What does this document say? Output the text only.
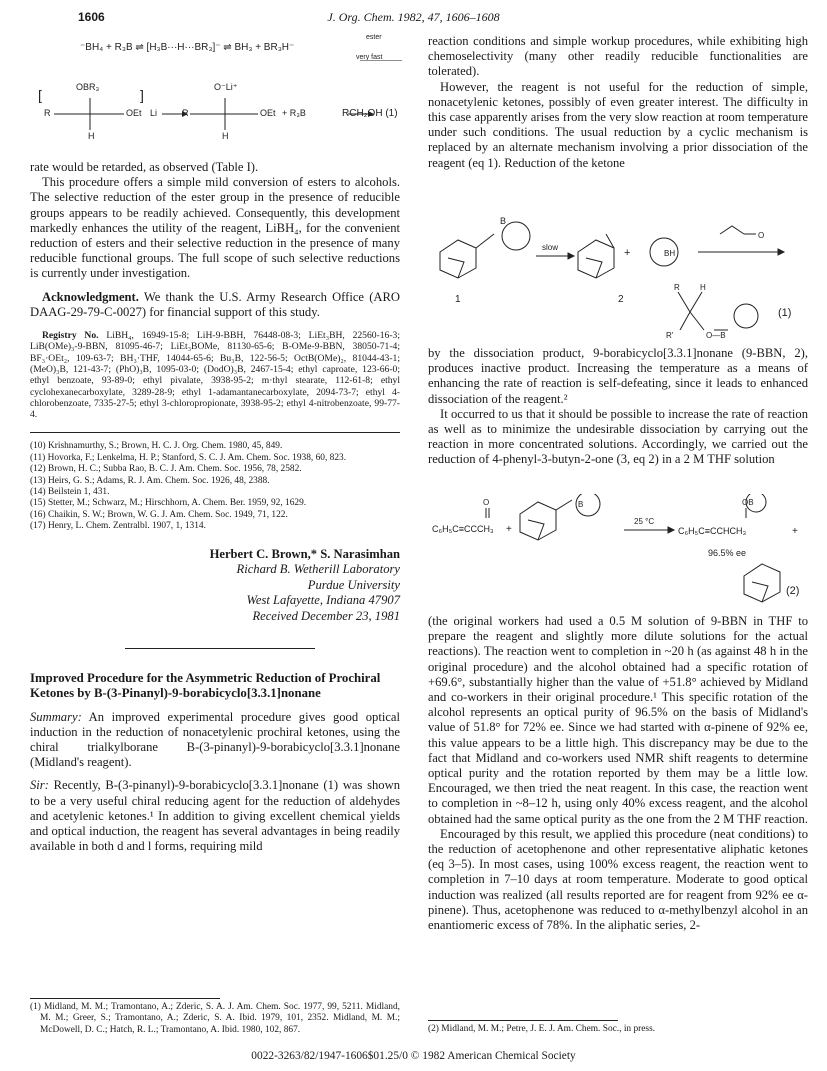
1606	J. Org. Chem. 1982, 47, 1606–1608
⁻BH₄ + R₃B ⇌ [H₃B···H···BR₃]⁻ ⇌ BH₃ + BR₃H⁻
ester
very fast
]
[	OBR₃
R	OEt Li
H
O⁻Li⁺
R	OEt
H
+ R₃B	RCH₂OH (1)

rate would be retarded, as observed (Table I).

This procedure offers a simple mild conversion of esters to alcohols. The selective reduction of the ester group in the presence of reducible groups appears to be readily achieved. Consequently, this development markedly enhances the utility of the reagent, LiBH₄, for the convenient reduction of esters and their selective reduction in the presence of many reducible functional groups. The full scope of such selective reductions is currently under investigation.

Acknowledgment. We thank the U.S. Army Research Office (ARO DAAG-29-79-C-0027) for financial support of this study.

Registry No. LiBH₄, 16949-15-8; LiH-9-BBH, 76448-08-3; LiEt₃BH, 22560-16-3; LiB(OMe)₃-9-BBN, 81095-46-7; LiEt₃BOMe, 81130-65-6; B-OMe-9-BBN, 38050-71-4; BF₃·OEt₂, 109-63-7; BH₃·THF, 14044-65-6; Bu₃B, 122-56-5; OctB(OMe)₂, 81044-43-1; (MeO)₃B, 121-43-7; (PhO)₃B, 1095-03-0; (DodO)₃B, 2467-15-4; ethyl caproate, 123-66-0; ethyl benzoate, 93-89-0; ethyl pivalate, 3938-95-2; m·thyl stearate, 112-61-8; ethyl cyclohexanecarboxylate, 3289-28-9; ethyl 1-adamantanecarboxylate, 2094-73-7; ethyl 4-chlorobenzoate, 7335-27-5; ethyl 3-chloropropionate, 3938-95-2; ethyl 4-nitrobenzoate, 99-77-4.

(10) Krishnamurthy, S.; Brown, H. C. J. Org. Chem. 1980, 45, 849.
(11) Hovorka, F.; Lenkelma, H. P.; Stanford, S. C. J. Am. Chem. Soc. 1938, 60, 823.
(12) Brown, H. C.; Subba Rao, B. C. J. Am. Chem. Soc. 1956, 78, 2582.
(13) Heirs, G. S.; Adams, R. J. Am. Chem. Soc. 1926, 48, 2388.
(14) Beilstein 1, 431.
(15) Stetter, M.; Schwarz, M.; Hirschhorn, A. Chem. Ber. 1959, 92, 1629.
(16) Chaikin, S. W.; Brown, W. G. J. Am. Chem. Soc. 1949, 71, 122.
(17) Henry, L. Chem. Zentralbl. 1907, 1, 1314.
Herbert C. Brown,* S. Narasimhan
Richard B. Wetherill Laboratory
Purdue University
West Lafayette, Indiana 47907
Received December 23, 1981

Improved Procedure for the Asymmetric Reduction of Prochiral Ketones by B-(3-Pinanyl)-9-borabicyclo[3.3.1]nonane

Summary: An improved experimental procedure gives good optical induction in the reduction of nonacetylenic prochiral ketones, using the chiral trialkylborane B-(3-pinanyl)-9-borabicyclo[3.3.1]nonane (Midland's reagent).

Sir: Recently, B-(3-pinanyl)-9-borabicyclo[3.3.1]nonane (1) was shown to be a very useful chiral reducing agent for the reduction of aldehydes and acetylenic ketones.¹ In addition to giving excellent chemical yields and optical induction, the reagent has several advantages in being readily available in both d and l forms, requiring mild

(1) Midland, M. M.; Tramontano, A.; Zderic, S. A. J. Am. Chem. Soc. 1977, 99, 5211. Midland, M. M.; Greer, S.; Tramontano, A.; Zderic, S. A. Ibid. 1979, 101, 2352. Midland, M. M.; McDowell, D. C.; Hatch, R. L.; Tramontano, A. Ibid. 1980, 102, 867.

reaction conditions and simple workup procedures, while exhibiting high chemoselectivity (many other readily reducible functionalities are tolerated).

However, the reagent is not useful for the reduction of simple, nonacetylenic ketones, possibly of even greater interest. The difficulty in this case apparently arises from the very slow reaction at room temperature under such conditions. The usual reduction by a cyclic mechanism is replaced by an alternate mechanism involving a prior dissociation of the reagent (eq 1). Reduction of the ketone

B
slow	+	BH
O
1	2
R	H
R'	O—B
(1)

by the dissociation product, 9-borabicyclo[3.3.1]nonane (9-BBN, 2), produces inactive product. Increasing the temperature as a means of enhancing the rate of reaction is self-defeating, since it leads to enhanced dissociation of the reagent.²

It occurred to us that it should be possible to increase the rate of reaction as well as to minimize the undesirable dissociation by carrying out the reaction in more concentrated solutions. Accordingly, we carried out the reduction of 4-phenyl-3-butyn-2-one (3, eq 2) in a 2 M THF solution

O
C₆H₅C≡CCCH₃ +
B
25 °C
OB
C₆H₅C≡CCHCH₃	+
96.5% ee
(2)

(the original workers had used a 0.5 M solution of 9-BBN in THF to prepare the reagent and slightly more dilute solutions for the actual reactions). The reaction went to completion in ~20 h (as against 48 h in the original procedure) and the alcohol obtained had a specific rotation of +69.6°, substantially higher than the value of +51.8° achieved by Midland and co-workers in their original procedure.¹ This specific rotation of the alcohol represents an optical purity of 96.5% on the basis of Midland's value of 51.8° for 72% ee. Since we had started with α-pinene of 92% ee, this value appears to be a little high. This discrepancy may be due to the fact that Midland and co-workers used NMR shift reagents to determine optical purity and the rotation reported by them may be a little low. Encouraged, we then tried the neat reagent. In this case, the reaction went to completion in ~8–12 h, using only 40% excess reagent, and the alcohol obtained had the same optical purity as the one from the 2 M THF reaction.

Encouraged by this result, we applied this procedure (neat conditions) to the reduction of acetophenone and other representative aliphatic ketones (eq 3–5). In most cases, using 100% excess reagent, the reaction went to completion in 7–10 days at room temperature. Moderate to good optical induction was realized (all results reported are for reagent from 92% ee α-pinene). Thus, acetophenone was reduced to α-methylbenzyl alcohol in an enantiomeric excess of 78%. In the aliphatic series, 2-

(2) Midland, M. M.; Petre, J. E. J. Am. Chem. Soc., in press.
0022-3263/82/1947-1606$01.25/0 © 1982 American Chemical Society
